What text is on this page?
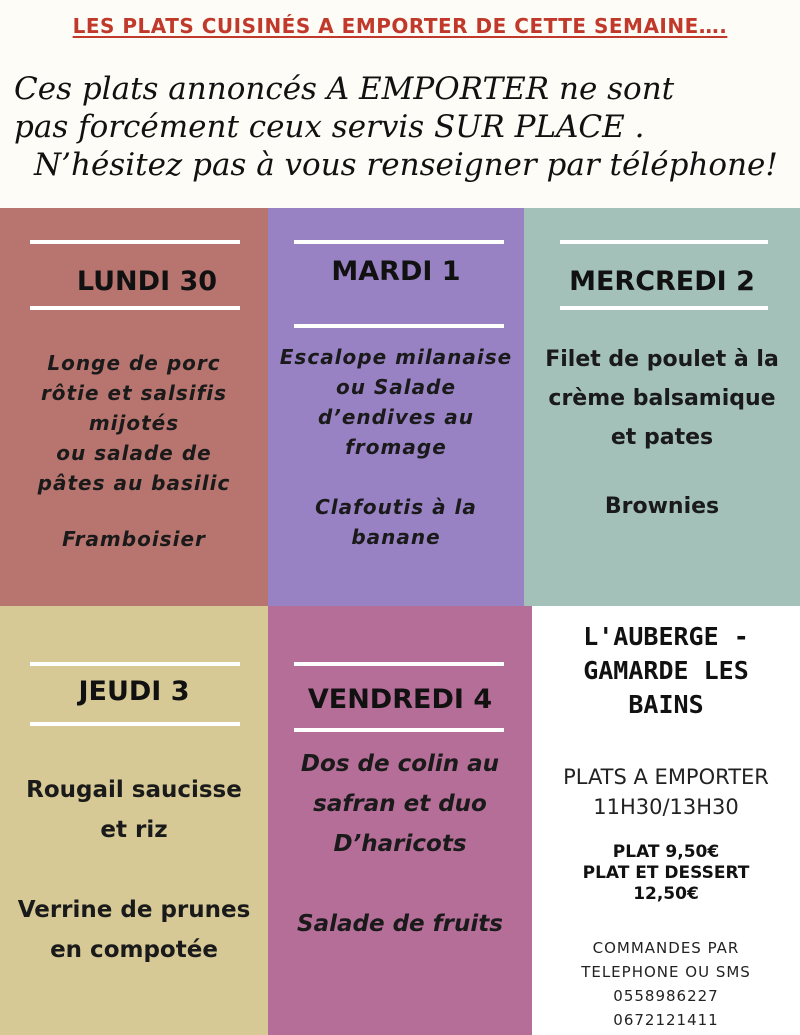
LES PLATS CUISINÉS A EMPORTER DE CETTE SEMAINE….
Ces plats annoncés A EMPORTER ne sont
pas forcément ceux servis SUR PLACE .
N’hésitez pas à vous renseigner par téléphone!
LUNDI 30
Longe de porc
rôtie et salsifis
mijotés
ou salade de
pâtes au basilic
Framboisier
MARDI 1
Escalope milanaise
ou Salade
d’endives au
fromage
Clafoutis à la
banane
MERCREDI 2
Filet de poulet à la
crème balsamique
et pates
Brownies
JEUDI 3
Rougail saucisse
et riz
Verrine de prunes
en compotée
VENDREDI 4
Dos de colin au
safran et duo
D’haricots
Salade de fruits
L'AUBERGE -
GAMARDE LES
BAINS
PLATS A EMPORTER
11H30/13H30
PLAT 9,50€
PLAT ET DESSERT
12,50€
COMMANDES PAR
TELEPHONE OU SMS
0558986227
0672121411
